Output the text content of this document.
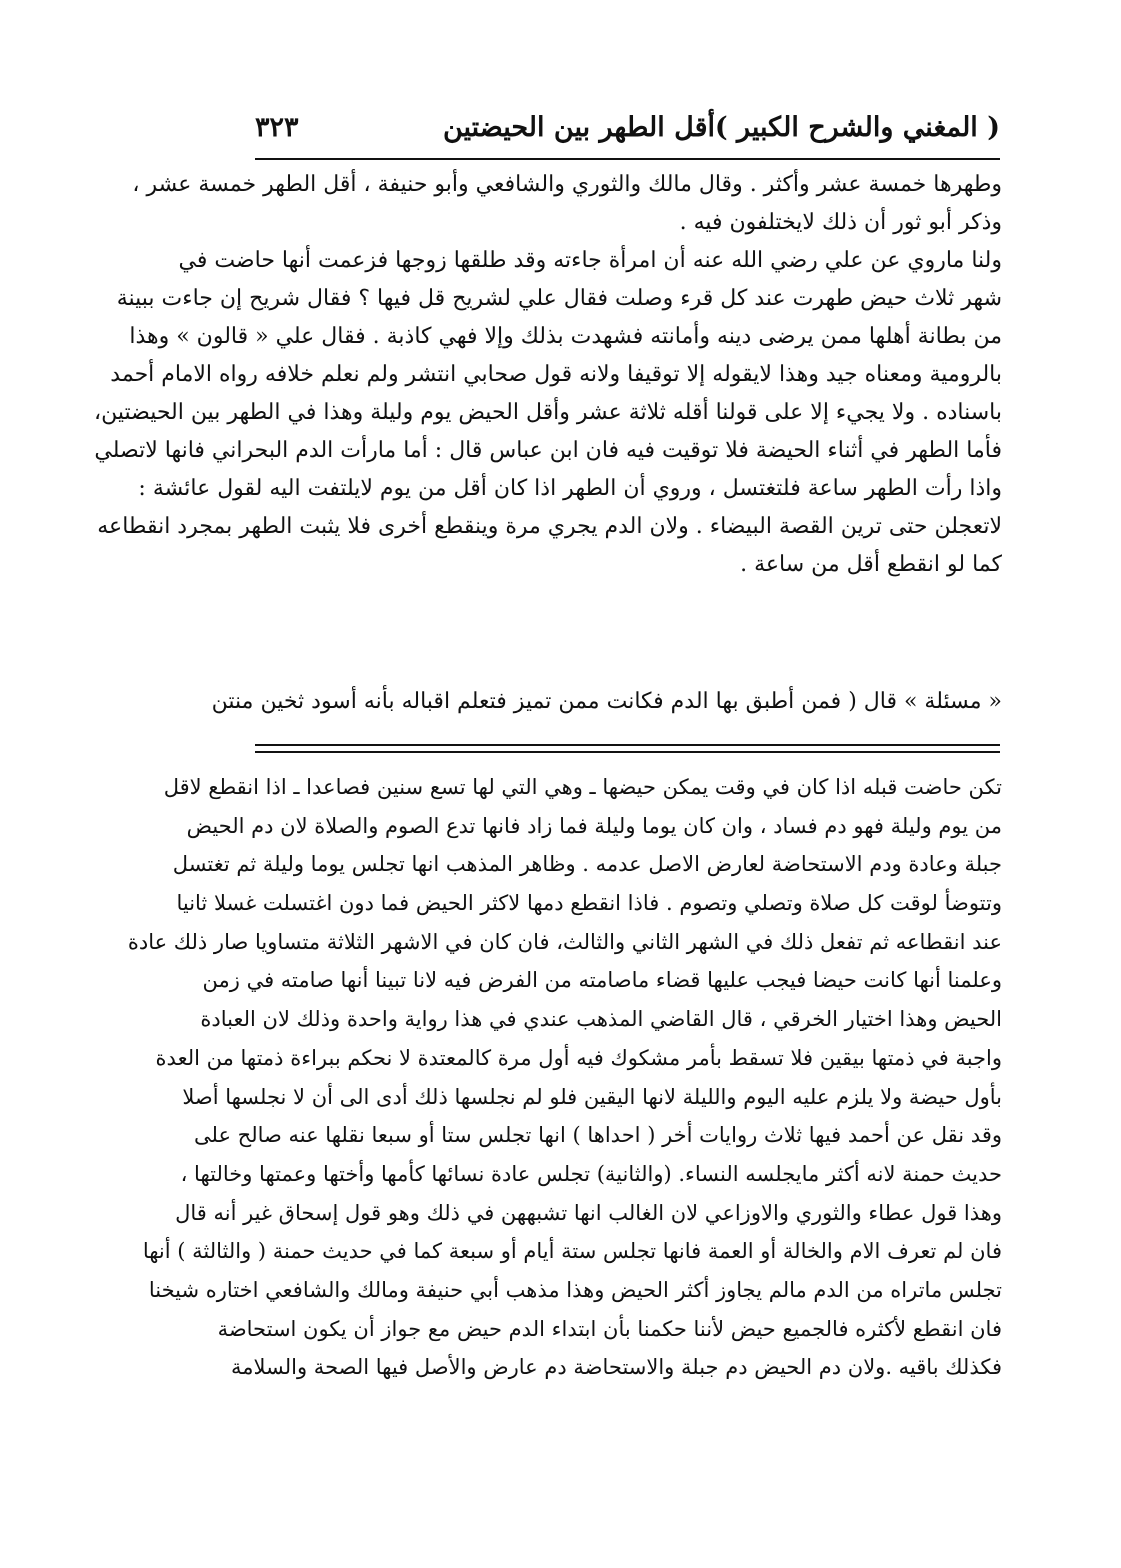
( المغني والشرح الكبير )
أقل الطهر بين الحيضتين
٣٢٣
وطهرها خمسة عشر وأكثر . وقال مالك والثوري والشافعي وأبو حنيفة ، أقل الطهر خمسة عشر ،
وذكر أبو ثور أن ذلك لايختلفون فيه .
ولنا ماروي عن علي رضي الله عنه أن امرأة جاءته وقد طلقها زوجها فزعمت أنها حاضت في
شهر ثلاث حيض طهرت عند كل قرء وصلت فقال علي لشريح قل فيها ؟ فقال شريح إن جاءت ببينة
من بطانة أهلها ممن يرضى دينه وأمانته فشهدت بذلك وإلا فهي كاذبة . فقال علي « قالون » وهذا
بالرومية ومعناه جيد وهذا لايقوله إلا توقيفا ولانه قول صحابي انتشر ولم نعلم خلافه رواه الامام أحمد
باسناده . ولا يجيء إلا على قولنا أقله ثلاثة عشر وأقل الحيض يوم وليلة وهذا في الطهر بين الحيضتين،
فأما الطهر في أثناء الحيضة فلا توقيت فيه فان ابن عباس قال : أما مارأت الدم البحراني فانها لاتصلي
واذا رأت الطهر ساعة فلتغتسل ، وروي أن الطهر اذا كان أقل من يوم لايلتفت اليه لقول عائشة :
لاتعجلن حتى ترين القصة البيضاء . ولان الدم يجري مرة وينقطع أخرى فلا يثبت الطهر بمجرد انقطاعه
كما لو انقطع أقل من ساعة .
« مسئلة » قال ( فمن أطبق بها الدم فكانت ممن تميز فتعلم اقباله بأنه أسود ثخين منتن
تكن حاضت قبله اذا كان في وقت يمكن حيضها ـ وهي التي لها تسع سنين فصاعدا ـ اذا انقطع لاقل
من يوم وليلة فهو دم فساد ، وان كان يوما وليلة فما زاد فانها تدع الصوم والصلاة لان دم الحيض
جبلة وعادة ودم الاستحاضة لعارض الاصل عدمه . وظاهر المذهب انها تجلس يوما وليلة ثم تغتسل
وتتوضأ لوقت كل صلاة وتصلي وتصوم . فاذا انقطع دمها لاكثر الحيض فما دون اغتسلت غسلا ثانيا
عند انقطاعه ثم تفعل ذلك في الشهر الثاني والثالث، فان كان في الاشهر الثلاثة متساويا صار ذلك عادة
وعلمنا أنها كانت حيضا فيجب عليها قضاء ماصامته من الفرض فيه لانا تبينا أنها صامته في زمن
الحيض وهذا اختيار الخرقي ، قال القاضي المذهب عندي في هذا رواية واحدة وذلك لان العبادة
واجبة في ذمتها بيقين فلا تسقط بأمر مشكوك فيه أول مرة كالمعتدة لا نحكم ببراءة ذمتها من العدة
بأول حيضة ولا يلزم عليه اليوم والليلة لانها اليقين فلو لم نجلسها ذلك أدى الى أن لا نجلسها أصلا
وقد نقل عن أحمد فيها ثلاث روايات أخر ( احداها ) انها تجلس ستا أو سبعا نقلها عنه صالح على
حديث حمنة لانه أكثر مايجلسه النساء. (والثانية) تجلس عادة نسائها كأمها وأختها وعمتها وخالتها ،
وهذا قول عطاء والثوري والاوزاعي لان الغالب انها تشبههن في ذلك وهو قول إسحاق غير أنه قال
فان لم تعرف الام والخالة أو العمة فانها تجلس ستة أيام أو سبعة كما في حديث حمنة ( والثالثة ) أنها
تجلس ماتراه من الدم مالم يجاوز أكثر الحيض وهذا مذهب أبي حنيفة ومالك والشافعي اختاره شيخنا
فان انقطع لأكثره فالجميع حيض لأننا حكمنا بأن ابتداء الدم حيض مع جواز أن يكون استحاضة
فكذلك باقيه .ولان دم الحيض دم جبلة والاستحاضة دم عارض والأصل فيها الصحة والسلامة
